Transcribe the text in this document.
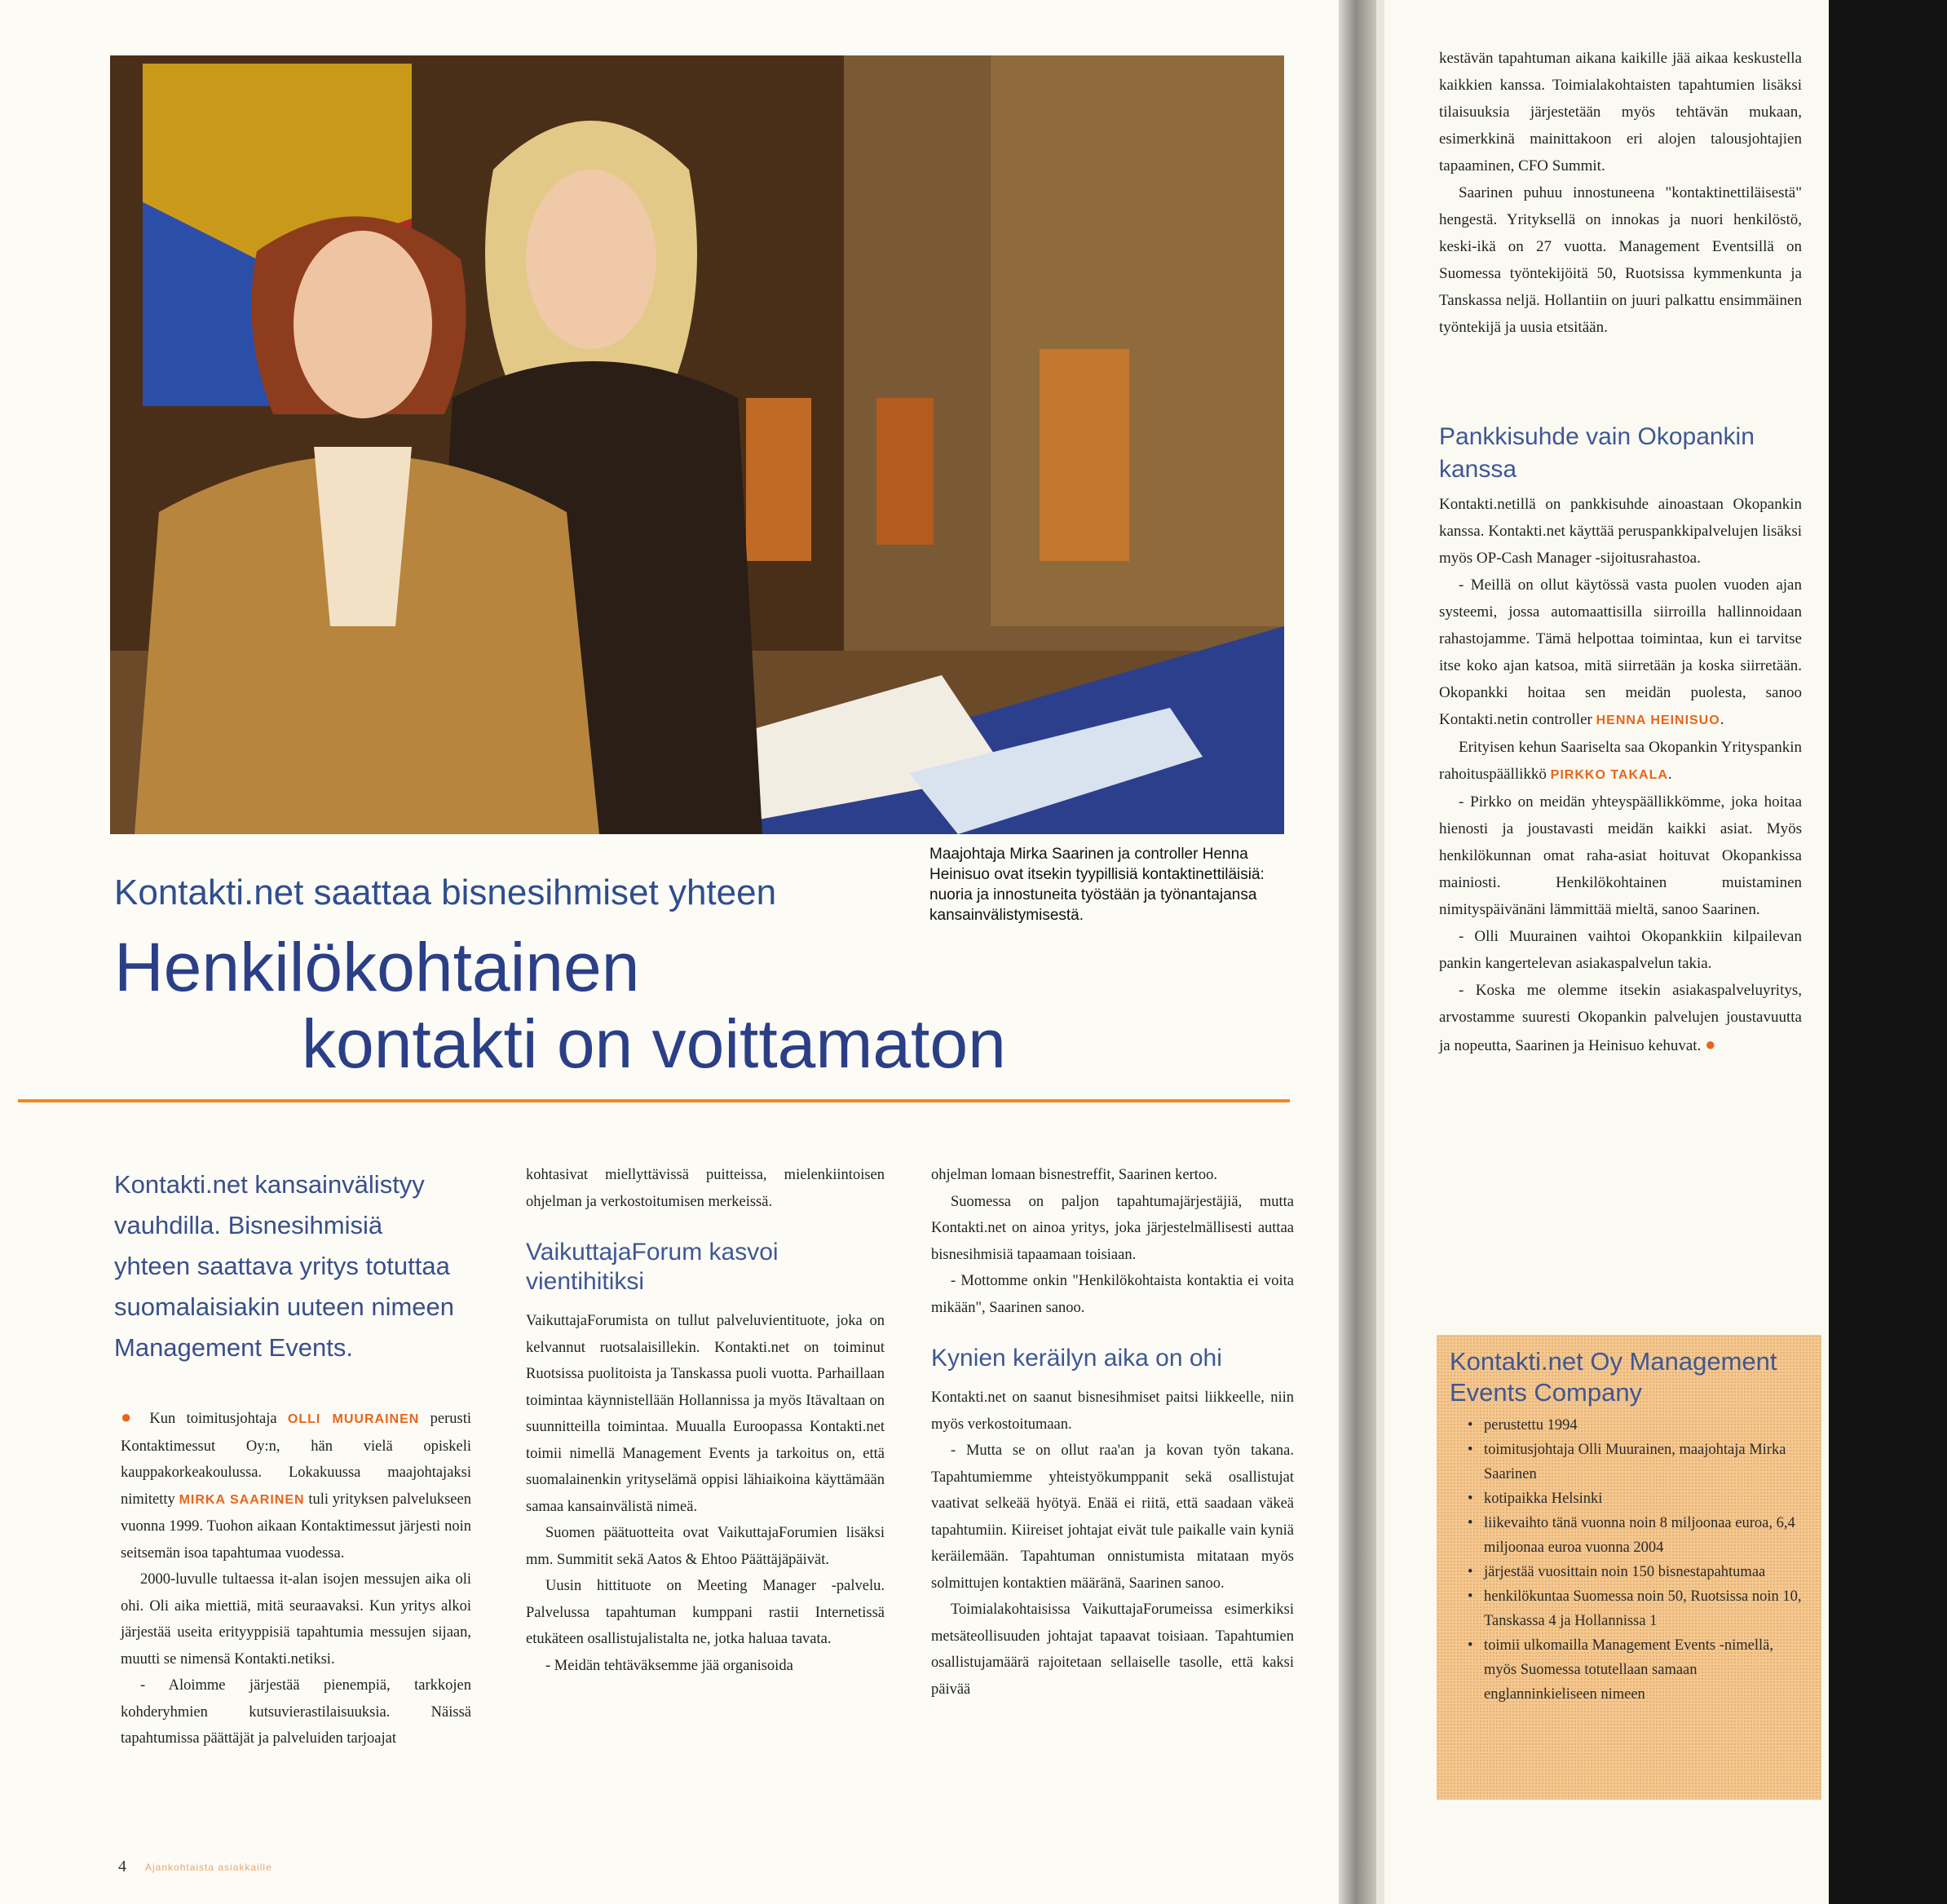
Maajohtaja Mirka Saarinen ja controller Henna Heinisuo ovat itsekin tyypillisiä kontaktinettiläisiä: nuoria ja innostuneita työstään ja työnantajansa kansainvälistymisestä.
Kontakti.net saattaa bisnesihmiset yhteen
Henkilökohtainen
kontakti on voittamaton
Kontakti.net kansainvälistyy vauhdilla. Bisnesihmisiä yhteen saattava yritys totuttaa suomalaisiakin uuteen nimeen Management Events.

● Kun toimitusjohtaja OLLI MUURAINEN perusti Kontaktimessut Oy:n, hän vielä opiskeli kauppakorkeakoulussa. Lokakuussa maajohtajaksi nimitetty MIRKA SAARINEN tuli yrityksen palvelukseen vuonna 1999. Tuohon aikaan Kontaktimessut järjesti noin seitsemän isoa tapahtumaa vuodessa.

2000-luvulle tultaessa it-alan isojen messujen aika oli ohi. Oli aika miettiä, mitä seuraavaksi. Kun yritys alkoi järjestää useita erityyppisiä tapahtumia messujen sijaan, muutti se nimensä Kontakti.netiksi.

- Aloimme järjestää pienempiä, tarkkojen kohderyhmien kutsuvierastilaisuuksia. Näissä tapahtumissa päättäjät ja palveluiden tarjoajat

kohtasivat miellyttävissä puitteissa, mielenkiintoisen ohjelman ja verkostoitumisen merkeissä.

VaikuttajaForum kasvoi vientihitiksi

VaikuttajaForumista on tullut palveluvientituote, joka on kelvannut ruotsalaisillekin. Kontakti.net on toiminut Ruotsissa puolitoista ja Tanskassa puoli vuotta. Parhaillaan toimintaa käynnistellään Hollannissa ja myös Itävaltaan on suunnitteilla toimintaa. Muualla Euroopassa Kontakti.net toimii nimellä Management Events ja tarkoitus on, että suomalainenkin yrityselämä oppisi lähiaikoina käyttämään samaa kansainvälistä nimeä.

Suomen päätuotteita ovat VaikuttajaForumien lisäksi mm. Summitit sekä Aatos & Ehtoo Päättäjäpäivät.

Uusin hittituote on Meeting Manager -palvelu. Palvelussa tapahtuman kumppani rastii Internetissä etukäteen osallistujalistalta ne, jotka haluaa tavata.

- Meidän tehtäväksemme jää organisoida

ohjelman lomaan bisnestreffit, Saarinen kertoo.

Suomessa on paljon tapahtumajärjestäjiä, mutta Kontakti.net on ainoa yritys, joka järjestelmällisesti auttaa bisnesihmisiä tapaamaan toisiaan.

- Mottomme onkin "Henkilökohtaista kontaktia ei voita mikään", Saarinen sanoo.

Kynien keräilyn aika on ohi

Kontakti.net on saanut bisnesihmiset paitsi liikkeelle, niin myös verkostoitumaan.

- Mutta se on ollut raa'an ja kovan työn takana. Tapahtumiemme yhteistyökumppanit sekä osallistujat vaativat selkeää hyötyä. Enää ei riitä, että saadaan väkeä tapahtumiin. Kiireiset johtajat eivät tule paikalle vain kyniä keräilemään. Tapahtuman onnistumista mitataan myös solmittujen kontaktien määränä, Saarinen sanoo.

Toimialakohtaisissa VaikuttajaForumeissa esimerkiksi metsäteollisuuden johtajat tapaavat toisiaan. Tapahtumien osallistujamäärä rajoitetaan sellaiselle tasolle, että kaksi päivää

4 Ajankohtaista asiakkaille

kestävän tapahtuman aikana kaikille jää aikaa keskustella kaikkien kanssa. Toimialakohtaisten tapahtumien lisäksi tilaisuuksia järjestetään myös tehtävän mukaan, esimerkkinä mainittakoon eri alojen talousjohtajien tapaaminen, CFO Summit.

Saarinen puhuu innostuneena "kontaktinettiläisestä" hengestä. Yrityksellä on innokas ja nuori henkilöstö, keski-ikä on 27 vuotta. Management Eventsillä on Suomessa työntekijöitä 50, Ruotsissa kymmenkunta ja Tanskassa neljä. Hollantiin on juuri palkattu ensimmäinen työntekijä ja uusia etsitään.

Pankkisuhde vain Okopankin kanssa

Kontakti.netillä on pankkisuhde ainoastaan Okopankin kanssa. Kontakti.net käyttää peruspankkipalvelujen lisäksi myös OP-Cash Manager -sijoitusrahastoa.

- Meillä on ollut käytössä vasta puolen vuoden ajan systeemi, jossa automaattisilla siirroilla hallinnoidaan rahastojamme. Tämä helpottaa toimintaa, kun ei tarvitse itse koko ajan katsoa, mitä siirretään ja koska siirretään. Okopankki hoitaa sen meidän puolesta, sanoo Kontakti.netin controller HENNA HEINISUO.

Erityisen kehun Saariselta saa Okopankin Yrityspankin rahoituspäällikkö PIRKKO TAKALA.

- Pirkko on meidän yhteyspäällikkömme, joka hoitaa hienosti ja joustavasti meidän kaikki asiat. Myös henkilökunnan omat raha-asiat hoituvat Okopankissa mainiosti. Henkilökohtainen muistaminen nimityspäivänäni lämmittää mieltä, sanoo Saarinen.

- Olli Muurainen vaihtoi Okopankkiin kilpailevan pankin kangertelevan asiakaspalvelun takia.

- Koska me olemme itsekin asiakaspalveluyritys, arvostamme suuresti Okopankin palvelujen joustavuutta ja nopeutta, Saarinen ja Heinisuo kehuvat. ●

Kontakti.net Oy Management Events Company
• perustettu 1994
• toimitusjohtaja Olli Muurainen, maajohtaja Mirka Saarinen
• kotipaikka Helsinki
• liikevaihto tänä vuonna noin 8 miljoonaa euroa, 6,4 miljoonaa euroa vuonna 2004
• järjestää vuosittain noin 150 bisnestapahtumaa
• henkilökuntaa Suomessa noin 50, Ruotsissa noin 10, Tanskassa 4 ja Hollannissa 1
• toimii ulkomailla Management Events -nimellä, myös Suomessa totutellaan samaan englanninkieliseen nimeen
